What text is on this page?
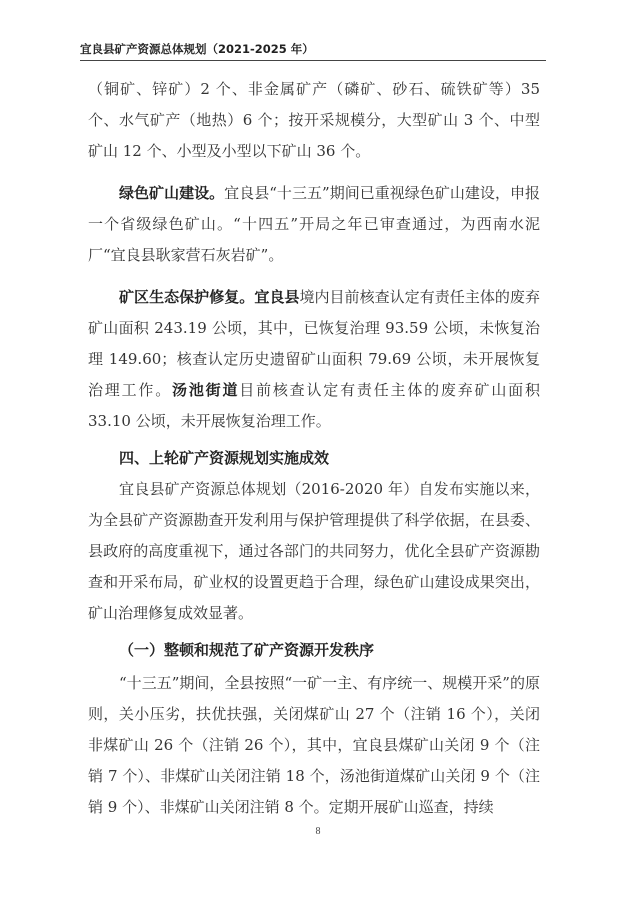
宜良县矿产资源总体规划（2021-2025 年）

（铜矿、锌矿）2 个、非金属矿产（磷矿、砂石、硫铁矿等）35 个、水气矿产（地热）6 个；按开采规模分，大型矿山 3 个、中型矿山 12 个、小型及小型以下矿山 36 个。

绿色矿山建设。宜良县“十三五”期间已重视绿色矿山建设，申报一个省级绿色矿山。“十四五”开局之年已审查通过，为西南水泥厂“宜良县耿家营石灰岩矿”。

矿区生态保护修复。宜良县境内目前核查认定有责任主体的废弃矿山面积 243.19 公顷，其中，已恢复治理 93.59 公顷，未恢复治理 149.60；核查认定历史遗留矿山面积 79.69 公顷，未开展恢复治理工作。汤池街道目前核查认定有责任主体的废弃矿山面积 33.10 公顷，未开展恢复治理工作。

四、上轮矿产资源规划实施成效

宜良县矿产资源总体规划（2016-2020 年）自发布实施以来，为全县矿产资源勘查开发利用与保护管理提供了科学依据，在县委、县政府的高度重视下，通过各部门的共同努力，优化全县矿产资源勘查和开采布局，矿业权的设置更趋于合理，绿色矿山建设成果突出，矿山治理修复成效显著。

（一）整顿和规范了矿产资源开发秩序

“十三五”期间，全县按照“一矿一主、有序统一、规模开采”的原则，关小压劣，扶优扶强，关闭煤矿山 27 个（注销 16 个），关闭非煤矿山 26 个（注销 26 个），其中，宜良县煤矿山关闭 9 个（注销 7 个）、非煤矿山关闭注销 18 个，汤池街道煤矿山关闭 9 个（注销 9 个）、非煤矿山关闭注销 8 个。定期开展矿山巡查，持续

8
